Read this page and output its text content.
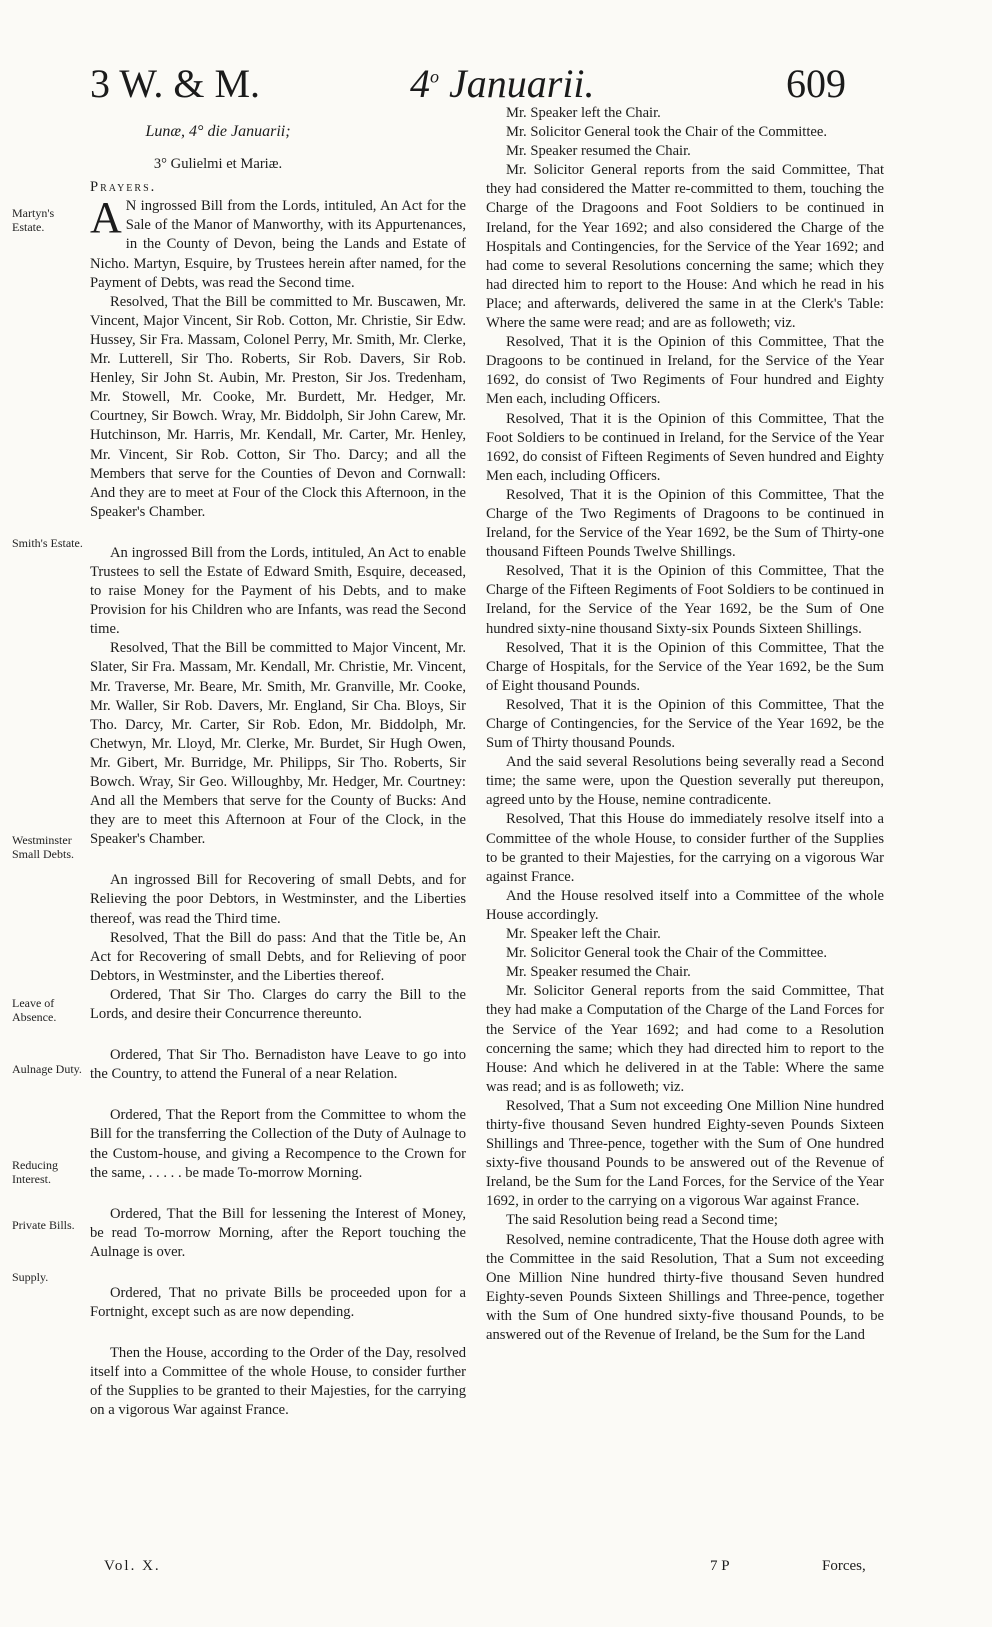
3 W. & M.	4$^o$ Januarii.	609
Martyn's Estate.
Smith's Estate.
Westminster Small Debts.
Leave of Absence.
Aulnage Duty.
Reducing Interest.
Private Bills.
Supply.

Lunæ, 4° die Januarii;

3° Gulielmi et Mariæ.

Prayers.

A N ingrossed Bill from the Lords, intituled, An Act for the Sale of the Manor of Manworthy, with its Appurtenances, in the County of Devon, being the Lands and Estate of Nicho. Martyn, Esquire, by Trustees herein after named, for the Payment of Debts, was read the Second time.

Resolved, That the Bill be committed to Mr. Buscawen, Mr. Vincent, Major Vincent, Sir Rob. Cotton, Mr. Christie, Sir Edw. Hussey, Sir Fra. Massam, Colonel Perry, Mr. Smith, Mr. Clerke, Mr. Lutterell, Sir Tho. Roberts, Sir Rob. Davers, Sir Rob. Henley, Sir John St. Aubin, Mr. Preston, Sir Jos. Tredenham, Mr. Stowell, Mr. Cooke, Mr. Burdett, Mr. Hedger, Mr. Courtney, Sir Bowch. Wray, Mr. Biddolph, Sir John Carew, Mr. Hutchinson, Mr. Harris, Mr. Kendall, Mr. Carter, Mr. Henley, Mr. Vincent, Sir Rob. Cotton, Sir Tho. Darcy; and all the Members that serve for the Counties of Devon and Cornwall: And they are to meet at Four of the Clock this Afternoon, in the Speaker's Chamber.

An ingrossed Bill from the Lords, intituled, An Act to enable Trustees to sell the Estate of Edward Smith, Esquire, deceased, to raise Money for the Payment of his Debts, and to make Provision for his Children who are Infants, was read the Second time.

Resolved, That the Bill be committed to Major Vincent, Mr. Slater, Sir Fra. Massam, Mr. Kendall, Mr. Christie, Mr. Vincent, Mr. Traverse, Mr. Beare, Mr. Smith, Mr. Granville, Mr. Cooke, Mr. Waller, Sir Rob. Davers, Mr. England, Sir Cha. Bloys, Sir Tho. Darcy, Mr. Carter, Sir Rob. Edon, Mr. Biddolph, Mr. Chetwyn, Mr. Lloyd, Mr. Clerke, Mr. Burdet, Sir Hugh Owen, Mr. Gibert, Mr. Burridge, Mr. Philipps, Sir Tho. Roberts, Sir Bowch. Wray, Sir Geo. Willoughby, Mr. Hedger, Mr. Courtney: And all the Members that serve for the County of Bucks: And they are to meet this Afternoon at Four of the Clock, in the Speaker's Chamber.

An ingrossed Bill for Recovering of small Debts, and for Relieving the poor Debtors, in Westminster, and the Liberties thereof, was read the Third time.

Resolved, That the Bill do pass: And that the Title be, An Act for Recovering of small Debts, and for Relieving of poor Debtors, in Westminster, and the Liberties thereof.

Ordered, That Sir Tho. Clarges do carry the Bill to the Lords, and desire their Concurrence thereunto.

Ordered, That Sir Tho. Bernadiston have Leave to go into the Country, to attend the Funeral of a near Relation.

Ordered, That the Report from the Committee to whom the Bill for the transferring the Collection of the Duty of Aulnage to the Custom-house, and giving a Recompence to the Crown for the same, . . . . . be made To-morrow Morning.

Ordered, That the Bill for lessening the Interest of Money, be read To-morrow Morning, after the Report touching the Aulnage is over.

Ordered, That no private Bills be proceeded upon for a Fortnight, except such as are now depending.

Then the House, according to the Order of the Day, resolved itself into a Committee of the whole House, to consider further of the Supplies to be granted to their Majesties, for the carrying on a vigorous War against France.

Mr. Speaker left the Chair.

Mr. Solicitor General took the Chair of the Committee.

Mr. Speaker resumed the Chair.

Mr. Solicitor General reports from the said Committee, That they had considered the Matter re-committed to them, touching the Charge of the Dragoons and Foot Soldiers to be continued in Ireland, for the Year 1692; and also considered the Charge of the Hospitals and Contingencies, for the Service of the Year 1692; and had come to several Resolutions concerning the same; which they had directed him to report to the House: And which he read in his Place; and afterwards, delivered the same in at the Clerk's Table: Where the same were read; and are as followeth; viz.

Resolved, That it is the Opinion of this Committee, That the Dragoons to be continued in Ireland, for the Service of the Year 1692, do consist of Two Regiments of Four hundred and Eighty Men each, including Officers.

Resolved, That it is the Opinion of this Committee, That the Foot Soldiers to be continued in Ireland, for the Service of the Year 1692, do consist of Fifteen Regiments of Seven hundred and Eighty Men each, including Officers.

Resolved, That it is the Opinion of this Committee, That the Charge of the Two Regiments of Dragoons to be continued in Ireland, for the Service of the Year 1692, be the Sum of Thirty-one thousand Fifteen Pounds Twelve Shillings.

Resolved, That it is the Opinion of this Committee, That the Charge of the Fifteen Regiments of Foot Soldiers to be continued in Ireland, for the Service of the Year 1692, be the Sum of One hundred sixty-nine thousand Sixty-six Pounds Sixteen Shillings.

Resolved, That it is the Opinion of this Committee, That the Charge of Hospitals, for the Service of the Year 1692, be the Sum of Eight thousand Pounds.

Resolved, That it is the Opinion of this Committee, That the Charge of Contingencies, for the Service of the Year 1692, be the Sum of Thirty thousand Pounds.

And the said several Resolutions being severally read a Second time; the same were, upon the Question severally put thereupon, agreed unto by the House, nemine contradicente.

Resolved, That this House do immediately resolve itself into a Committee of the whole House, to consider further of the Supplies to be granted to their Majesties, for the carrying on a vigorous War against France.

And the House resolved itself into a Committee of the whole House accordingly.

Mr. Speaker left the Chair.

Mr. Solicitor General took the Chair of the Committee.

Mr. Speaker resumed the Chair.

Mr. Solicitor General reports from the said Committee, That they had make a Computation of the Charge of the Land Forces for the Service of the Year 1692; and had come to a Resolution concerning the same; which they had directed him to report to the House: And which he delivered in at the Table: Where the same was read; and is as followeth; viz.

Resolved, That a Sum not exceeding One Million Nine hundred thirty-five thousand Seven hundred Eighty-seven Pounds Sixteen Shillings and Three-pence, together with the Sum of One hundred sixty-five thousand Pounds to be answered out of the Revenue of Ireland, be the Sum for the Land Forces, for the Service of the Year 1692, in order to the carrying on a vigorous War against France.

The said Resolution being read a Second time;

Resolved, nemine contradicente, That the House doth agree with the Committee in the said Resolution, That a Sum not exceeding One Million Nine hundred thirty-five thousand Seven hundred Eighty-seven Pounds Sixteen Shillings and Three-pence, together with the Sum of One hundred sixty-five thousand Pounds, to be answered out of the Revenue of Ireland, be the Sum for the Land

Vol. X.	7 P	Forces,
